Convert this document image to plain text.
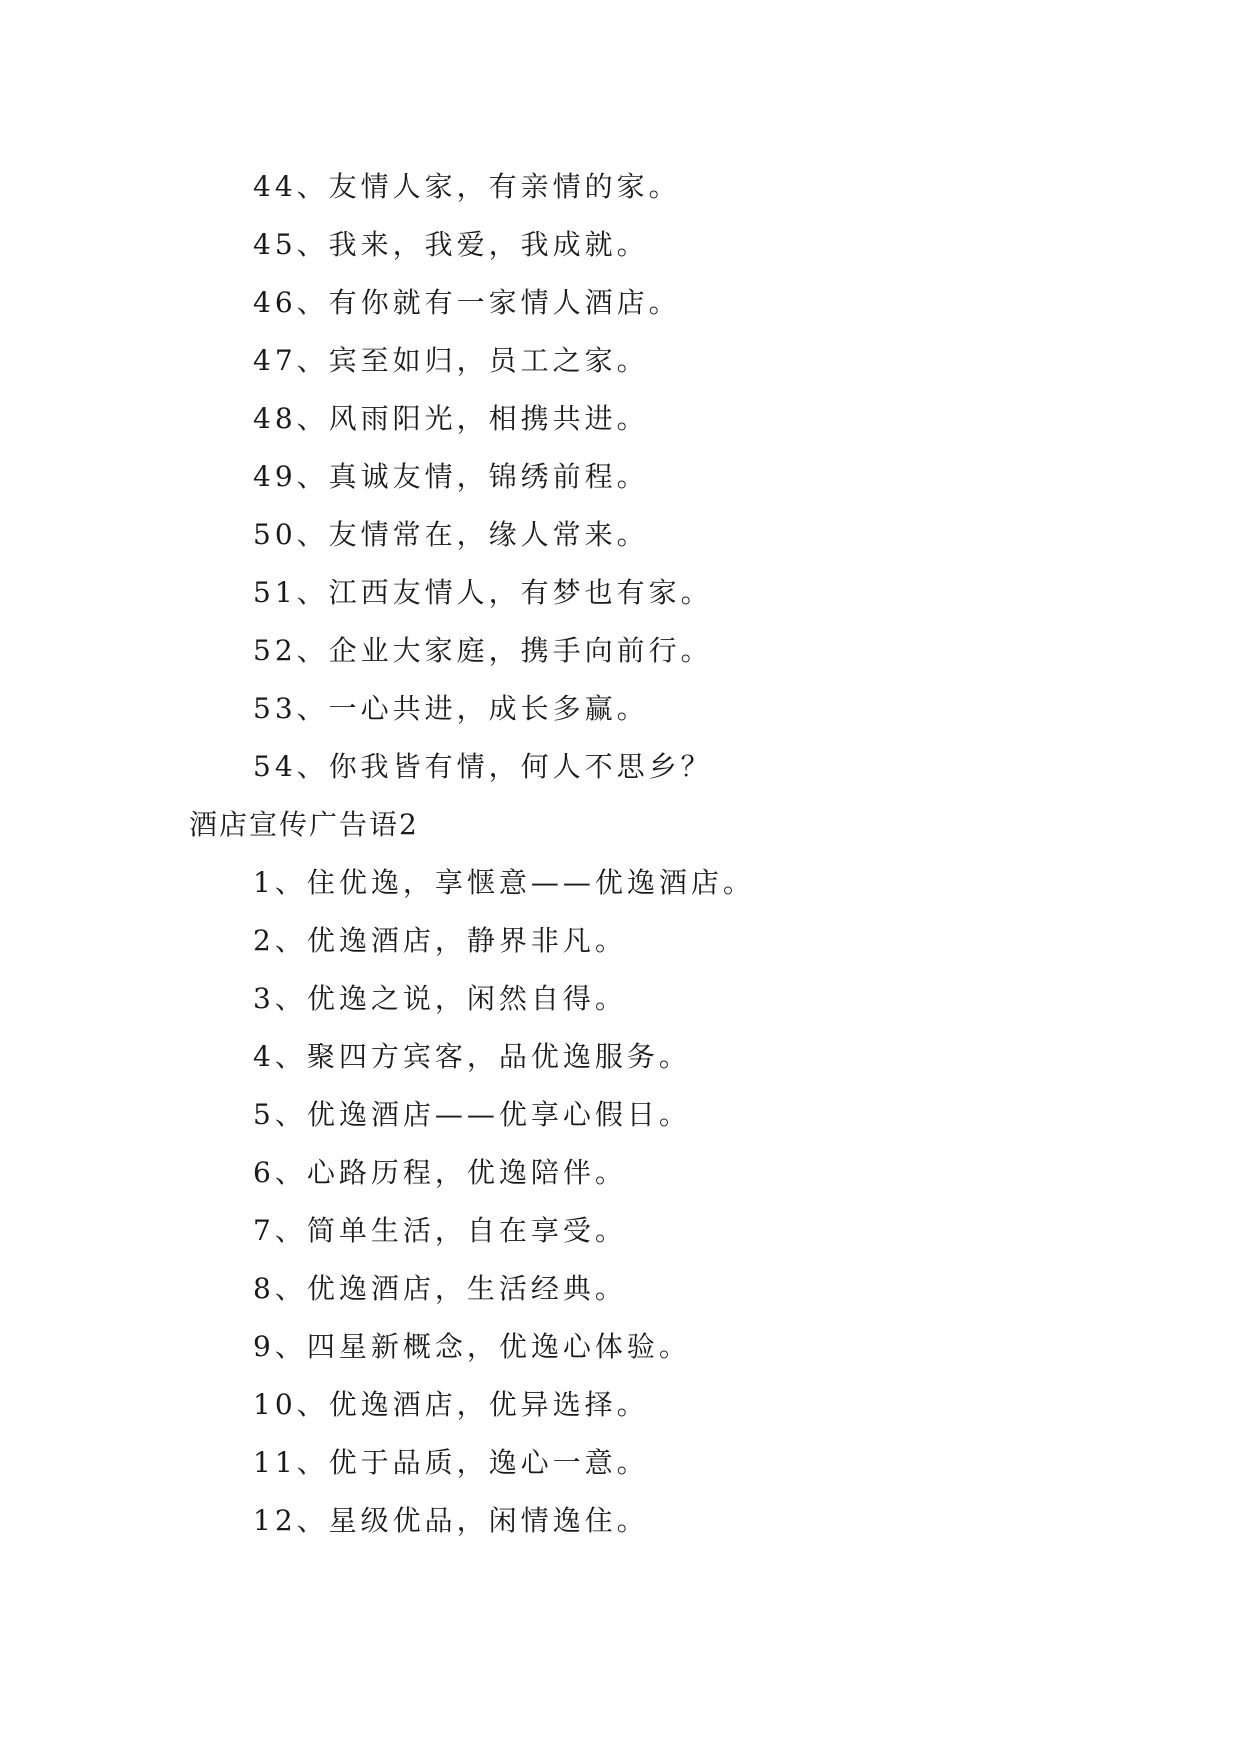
44、友情人家，有亲情的家。
45、我来，我爱，我成就。
46、有你就有一家情人酒店。
47、宾至如归，员工之家。
48、风雨阳光，相携共进。
49、真诚友情，锦绣前程。
50、友情常在，缘人常来。
51、江西友情人，有梦也有家。
52、企业大家庭，携手向前行。
53、一心共进，成长多赢。
54、你我皆有情，何人不思乡？
酒店宣传广告语2
1、住优逸，享惬意——优逸酒店。
2、优逸酒店，静界非凡。
3、优逸之说，闲然自得。
4、聚四方宾客，品优逸服务。
5、优逸酒店——优享心假日。
6、心路历程，优逸陪伴。
7、简单生活，自在享受。
8、优逸酒店，生活经典。
9、四星新概念，优逸心体验。
10、优逸酒店，优异选择。
11、优于品质，逸心一意。
12、星级优品，闲情逸住。
